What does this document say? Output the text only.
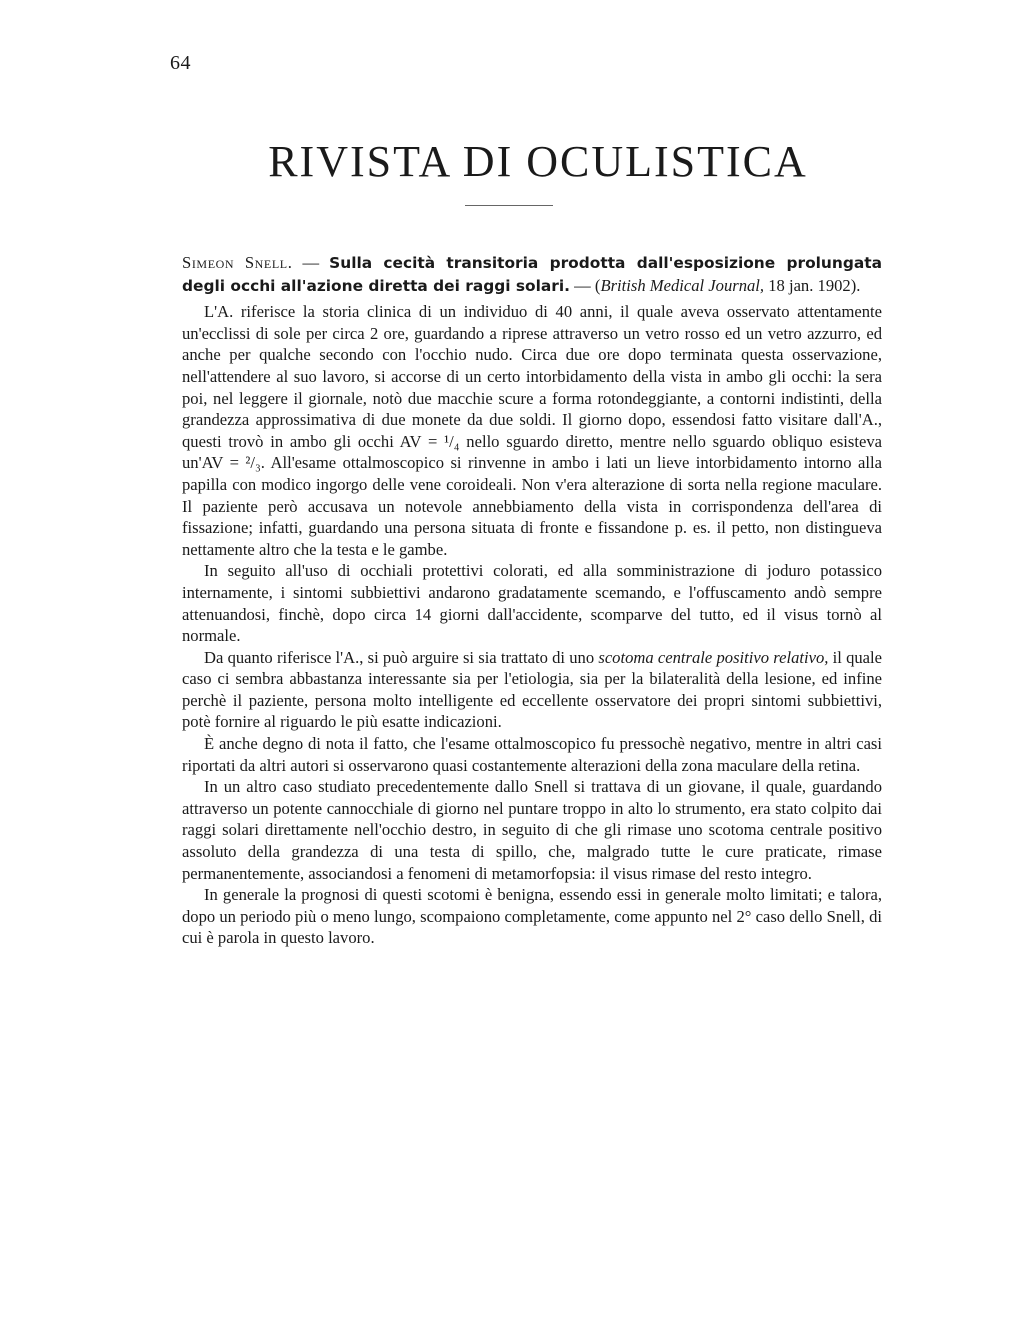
64
RIVISTA DI OCULISTICA

Simeon Snell. — Sulla cecità transitoria prodotta dall'esposizione prolungata degli occhi all'azione diretta dei raggi solari. — (British Medical Journal, 18 jan. 1902).

L'A. riferisce la storia clinica di un individuo di 40 anni, il quale aveva osservato attentamente un'ecclissi di sole per circa 2 ore, guardando a riprese attraverso un vetro rosso ed un vetro azzurro, ed anche per qualche secondo con l'occhio nudo. Circa due ore dopo terminata questa osservazione, nell'attendere al suo lavoro, si accorse di un certo intorbidamento della vista in ambo gli occhi: la sera poi, nel leggere il giornale, notò due macchie scure a forma rotondeggiante, a contorni indistinti, della grandezza approssimativa di due monete da due soldi. Il giorno dopo, essendosi fatto visitare dall'A., questi trovò in ambo gli occhi AV = ¹/₄ nello sguardo diretto, mentre nello sguardo obliquo esisteva un'AV = ²/₃. All'esame ottalmoscopico si rinvenne in ambo i lati un lieve intorbidamento intorno alla papilla con modico ingorgo delle vene coroideali. Non v'era alterazione di sorta nella regione maculare. Il paziente però accusava un notevole annebbiamento della vista in corrispondenza dell'area di fissazione; infatti, guardando una persona situata di fronte e fissandone p. es. il petto, non distingueva nettamente altro che la testa e le gambe.

In seguito all'uso di occhiali protettivi colorati, ed alla somministrazione di joduro potassico internamente, i sintomi subbiettivi andarono gradatamente scemando, e l'offuscamento andò sempre attenuandosi, finchè, dopo circa 14 giorni dall'accidente, scomparve del tutto, ed il visus tornò al normale.

Da quanto riferisce l'A., si può arguire si sia trattato di uno scotoma centrale positivo relativo, il quale caso ci sembra abbastanza interessante sia per l'etiologia, sia per la bilateralità della lesione, ed infine perchè il paziente, persona molto intelligente ed eccellente osservatore dei propri sintomi subbiettivi, potè fornire al riguardo le più esatte indicazioni.

È anche degno di nota il fatto, che l'esame ottalmoscopico fu pressochè negativo, mentre in altri casi riportati da altri autori si osservarono quasi costantemente alterazioni della zona maculare della retina.

In un altro caso studiato precedentemente dallo Snell si trattava di un giovane, il quale, guardando attraverso un potente cannocchiale di giorno nel puntare troppo in alto lo strumento, era stato colpito dai raggi solari direttamente nell'occhio destro, in seguito di che gli rimase uno scotoma centrale positivo assoluto della grandezza di una testa di spillo, che, malgrado tutte le cure praticate, rimase permanentemente, associandosi a fenomeni di metamorfopsia: il visus rimase del resto integro.

In generale la prognosi di questi scotomi è benigna, essendo essi in generale molto limitati; e talora, dopo un periodo più o meno lungo, scompaiono completamente, come appunto nel 2° caso dello Snell, di cui è parola in questo lavoro.
